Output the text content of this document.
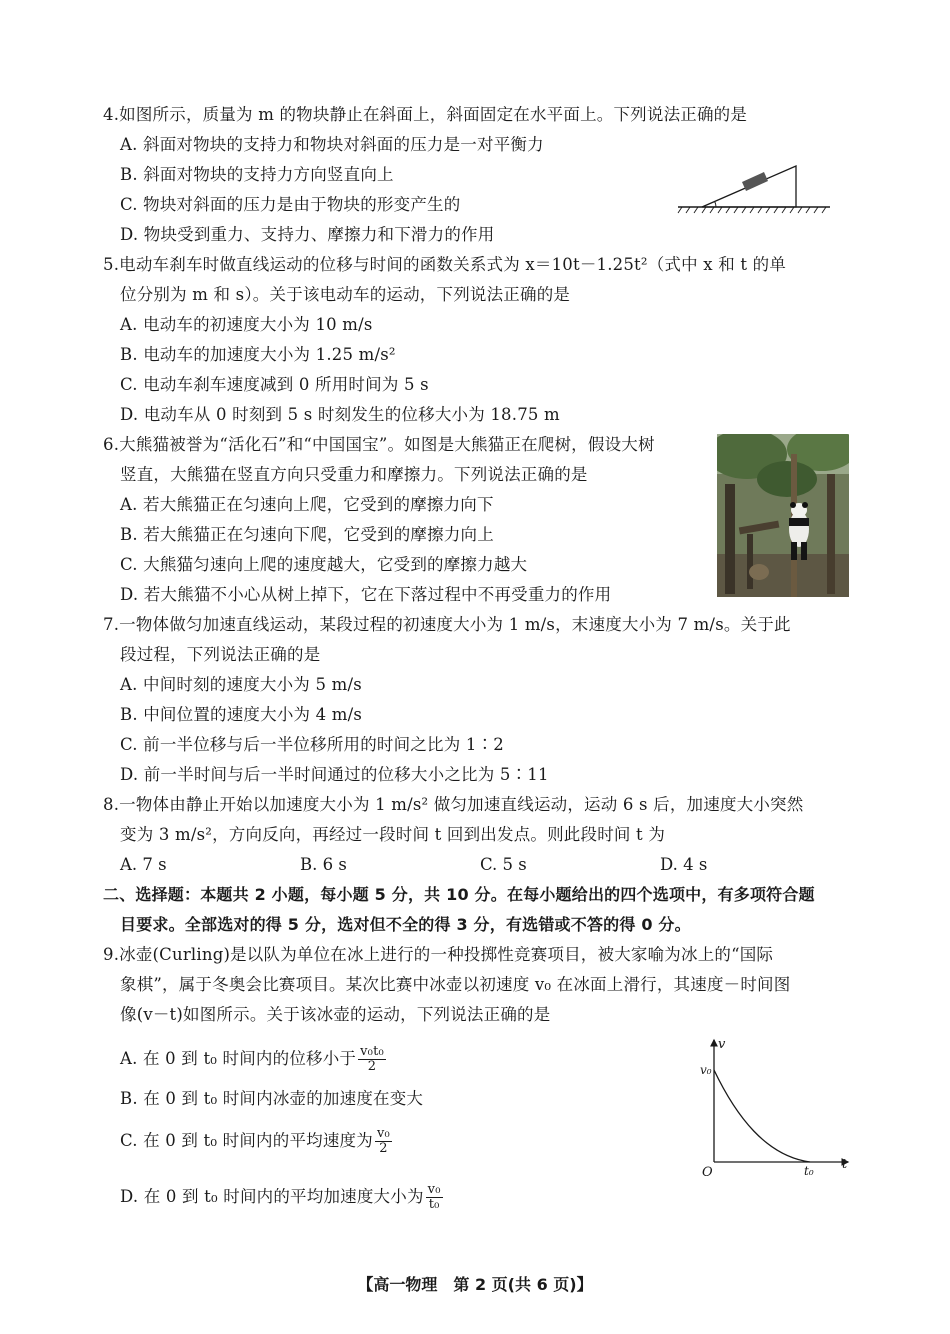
4.如图所示，质量为 m 的物块静止在斜面上，斜面固定在水平面上。下列说法正确的是
A. 斜面对物块的支持力和物块对斜面的压力是一对平衡力
B. 斜面对物块的支持力方向竖直向上
C. 物块对斜面的压力是由于物块的形变产生的
D. 物块受到重力、支持力、摩擦力和下滑力的作用
5.电动车刹车时做直线运动的位移与时间的函数关系式为 x＝10t－1.25t²（式中 x 和 t 的单
位分别为 m 和 s）。关于该电动车的运动，下列说法正确的是
A. 电动车的初速度大小为 10 m/s
B. 电动车的加速度大小为 1.25 m/s²
C. 电动车刹车速度减到 0 所用时间为 5 s
D. 电动车从 0 时刻到 5 s 时刻发生的位移大小为 18.75 m
6.大熊猫被誉为“活化石”和“中国国宝”。如图是大熊猫正在爬树，假设大树
竖直，大熊猫在竖直方向只受重力和摩擦力。下列说法正确的是
A. 若大熊猫正在匀速向上爬，它受到的摩擦力向下
B. 若大熊猫正在匀速向下爬，它受到的摩擦力向上
C. 大熊猫匀速向上爬的速度越大，它受到的摩擦力越大
D. 若大熊猫不小心从树上掉下，它在下落过程中不再受重力的作用
7.一物体做匀加速直线运动，某段过程的初速度大小为 1 m/s，末速度大小为 7 m/s。关于此
段过程，下列说法正确的是
A. 中间时刻的速度大小为 5 m/s
B. 中间位置的速度大小为 4 m/s
C. 前一半位移与后一半位移所用的时间之比为 1∶2
D. 前一半时间与后一半时间通过的位移大小之比为 5∶11
8.一物体由静止开始以加速度大小为 1 m/s² 做匀加速直线运动，运动 6 s 后，加速度大小突然
变为 3 m/s²，方向反向，再经过一段时间 t 回到出发点。则此段时间 t 为
A. 7 s	B. 6 s	C. 5 s	D. 4 s
二、选择题：本题共 2 小题，每小题 5 分，共 10 分。在每小题给出的四个选项中，有多项符合题
目要求。全部选对的得 5 分，选对但不全的得 3 分，有选错或不答的得 0 分。
9.冰壶(Curling)是以队为单位在冰上进行的一种投掷性竞赛项目，被大家喻为冰上的“国际
象棋”，属于冬奥会比赛项目。某次比赛中冰壶以初速度 v₀ 在冰面上滑行，其速度－时间图
像(v－t)如图所示。关于该冰壶的运动，下列说法正确的是
A. 在 0 到 t₀ 时间内的位移小于 $\frac{\text{v₀t₀}}{2}$
B. 在 0 到 t₀ 时间内冰壶的加速度在变大
C. 在 0 到 t₀ 时间内的平均速度为 $\frac{\text{v₀}}{2}$
D. 在 0 到 t₀ 时间内的平均加速度大小为 $\frac{\text{v₀}}{\text{t₀}}$
v
t
v₀
O	t₀
【高一物理　第 2 页(共 6 页)】
